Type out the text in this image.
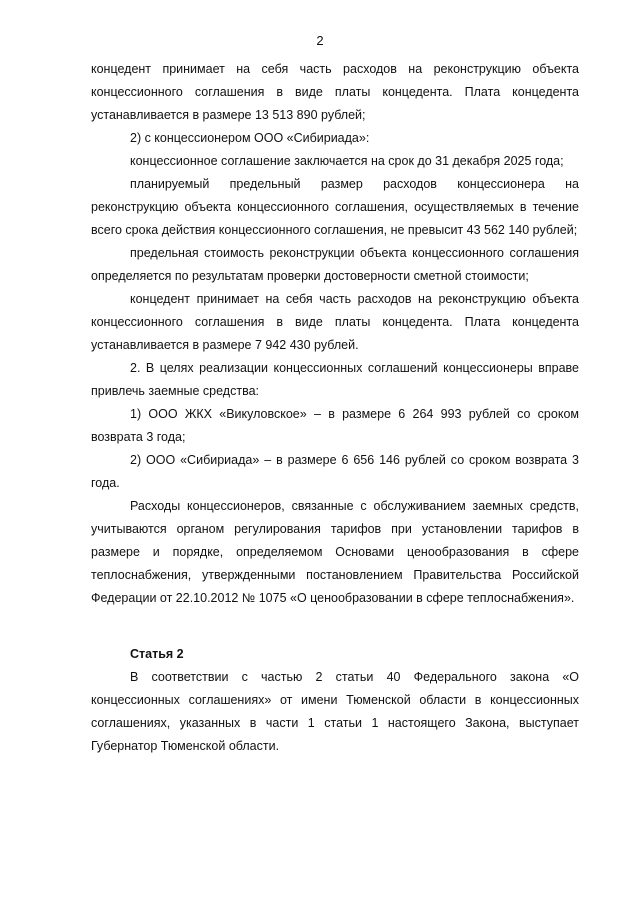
2

концедент принимает на себя часть расходов на реконструкцию объекта концессионного соглашения в виде платы концедента. Плата концедента устанавливается в размере 13 513 890 рублей;

2) с концессионером ООО «Сибириада»:

концессионное соглашение заключается на срок до 31 декабря 2025 года;

планируемый предельный размер расходов концессионера на реконструкцию объекта концессионного соглашения, осуществляемых в течение всего срока действия концессионного соглашения, не превысит 43 562 140 рублей;

предельная стоимость реконструкции объекта концессионного соглашения определяется по результатам проверки достоверности сметной стоимости;

концедент принимает на себя часть расходов на реконструкцию объекта концессионного соглашения в виде платы концедента. Плата концедента устанавливается в размере 7 942 430 рублей.

2. В целях реализации концессионных соглашений концессионеры вправе привлечь заемные средства:

1) ООО ЖКХ «Викуловское» – в размере 6 264 993 рублей со сроком возврата 3 года;

2) ООО «Сибириада» – в размере 6 656 146 рублей со сроком возврата 3 года.

Расходы концессионеров, связанные с обслуживанием заемных средств, учитываются органом регулирования тарифов при установлении тарифов в размере и порядке, определяемом Основами ценообразования в сфере теплоснабжения, утвержденными постановлением Правительства Российской Федерации от 22.10.2012 № 1075 «О ценообразовании в сфере теплоснабжения».

Статья 2

В соответствии с частью 2 статьи 40 Федерального закона «О концессионных соглашениях» от имени Тюменской области в концессионных соглашениях, указанных в части 1 статьи 1 настоящего Закона, выступает Губернатор Тюменской области.
